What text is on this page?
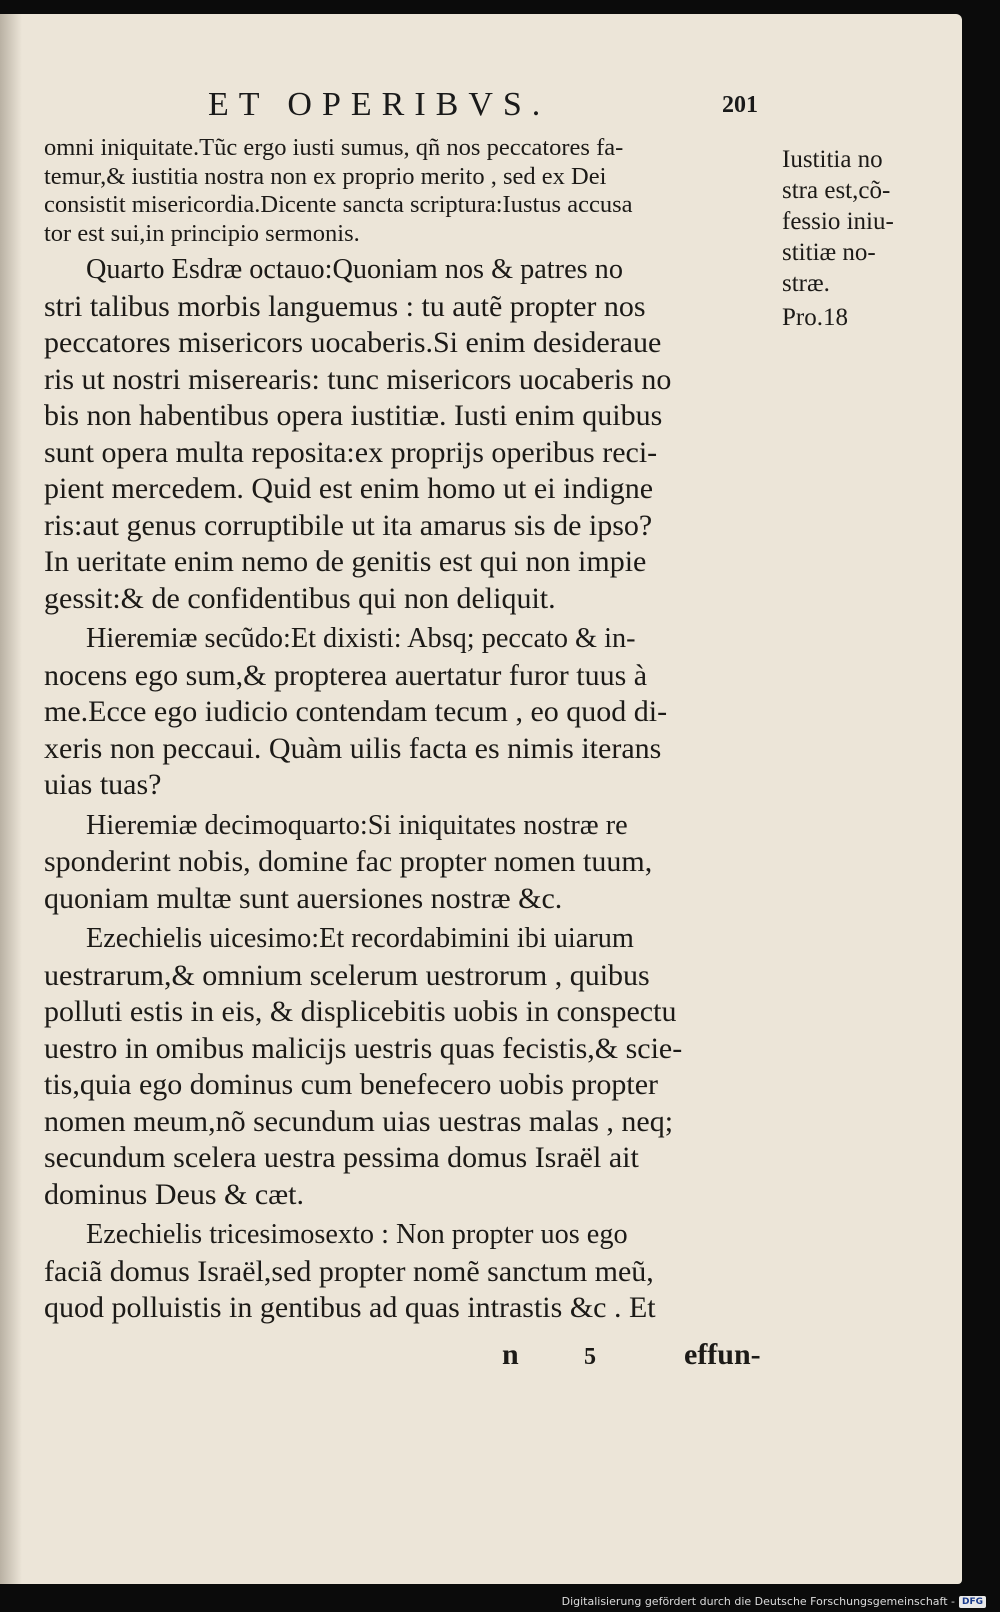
ET OPERIBVS.	201
omni iniquitate.Tũc ergo iusti sumus, qñ nos peccatores fa-
temur,& iustitia nostra non ex proprio merito , sed ex Dei
consistit misericordia.Dicente sancta scriptura:Iustus accusa
tor est sui,in principio sermonis.
Quarto Esdræ octauo:Quoniam nos & patres no
stri talibus morbis languemus : tu autẽ propter nos
peccatores misericors uocaberis.Si enim desideraue
ris ut nostri miserearis: tunc misericors uocaberis no
bis non habentibus opera iustitiæ. Iusti enim quibus
sunt opera multa reposita:ex proprijs operibus reci-
pient mercedem. Quid est enim homo ut ei indigne
ris:aut genus corruptibile ut ita amarus sis de ipso?
In ueritate enim nemo de genitis est qui non impie
gessit:& de confidentibus qui non deliquit.
Hieremiæ secũdo:Et dixisti: Absq; peccato & in-
nocens ego sum,& propterea auertatur furor tuus à
me.Ecce ego iudicio contendam tecum , eo quod di-
xeris non peccaui. Quàm uilis facta es nimis iterans
uias tuas?
Hieremiæ decimoquarto:Si iniquitates nostræ re
sponderint nobis, domine fac propter nomen tuum,
quoniam multæ sunt auersiones nostræ &c.
Ezechielis uicesimo:Et recordabimini ibi uiarum
uestrarum,& omnium scelerum uestrorum , quibus
polluti estis in eis, & displicebitis uobis in conspectu
uestro in omibus malicijs uestris quas fecistis,& scie-
tis,quia ego dominus cum benefecero uobis propter
nomen meum,nõ secundum uias uestras malas , neq;
secundum scelera uestra pessima domus Israël ait
dominus Deus & cæt.
Ezechielis tricesimosexto : Non propter uos ego
faciã domus Israël,sed propter nomẽ sanctum meũ,
quod polluistis in gentibus ad quas intrastis &c . Et
Iustitia no
stra est,cõ-
fessio iniu-
stitiæ no-
stræ.
Pro.18
n	5	effun-
Digitalisierung gefördert durch die Deutsche Forschungsgemeinschaft - DFG
